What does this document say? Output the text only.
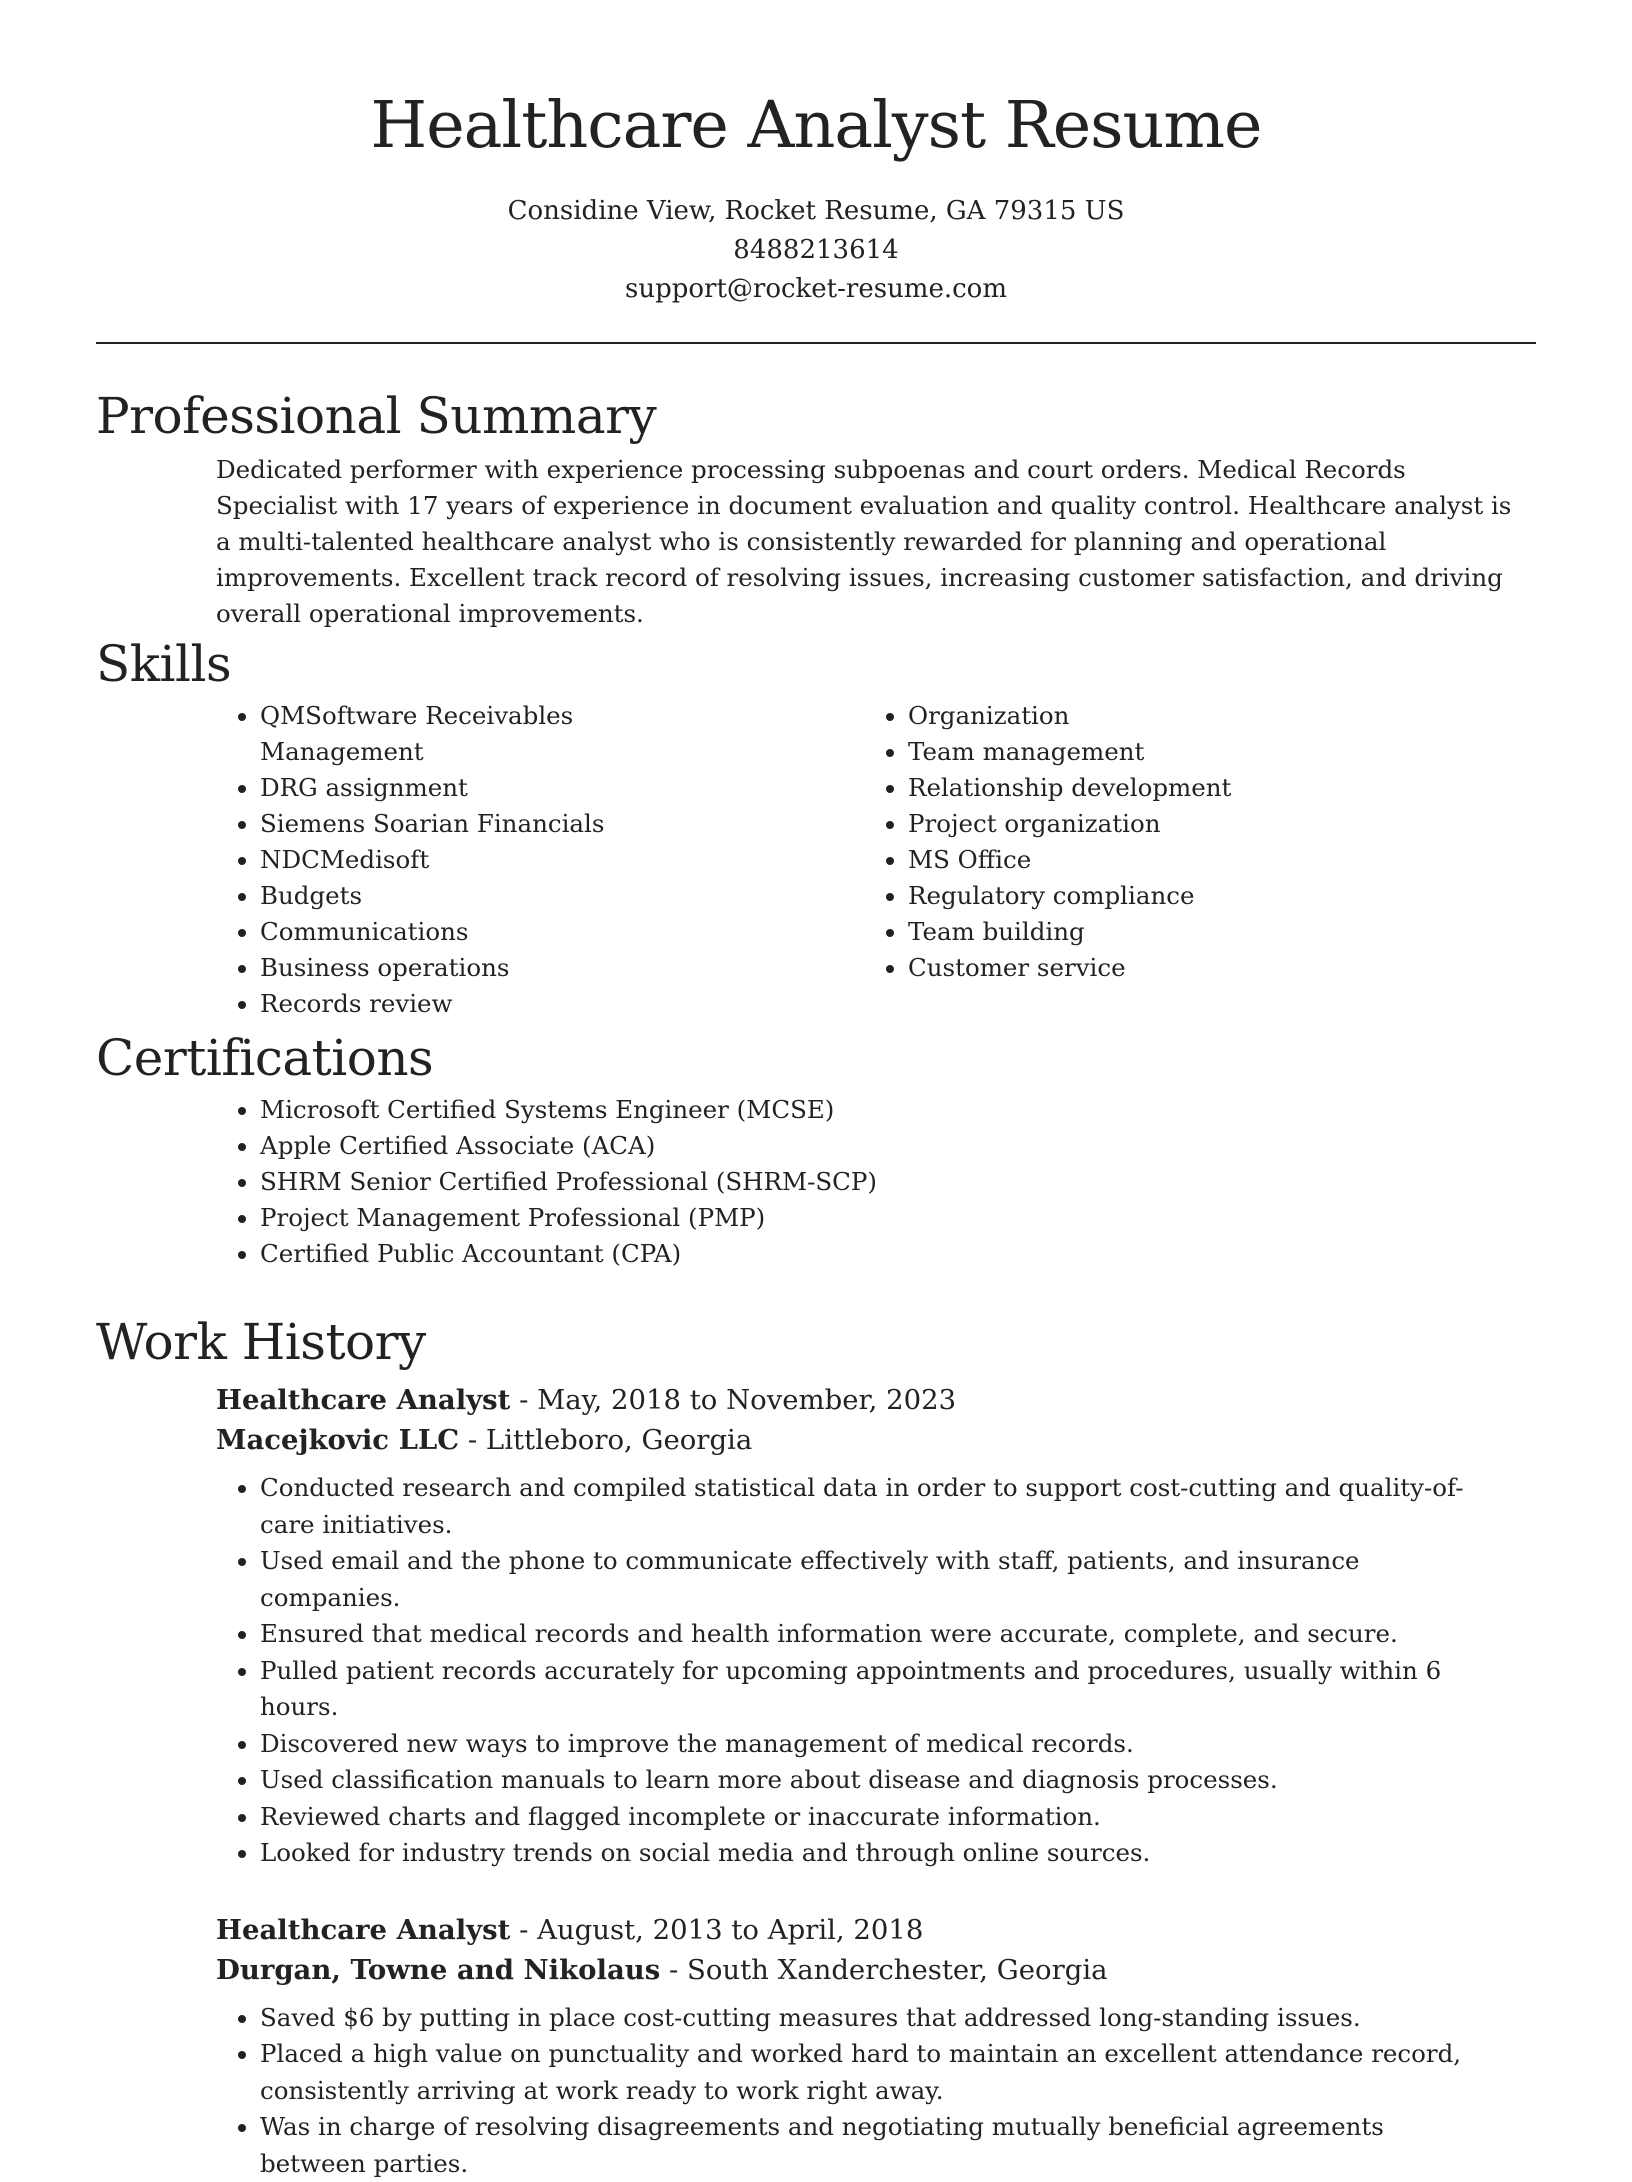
Healthcare Analyst Resume
Considine View, Rocket Resume, GA 79315 US
8488213614
support@rocket-resume.com
Professional Summary

Dedicated performer with experience processing subpoenas and court orders. Medical Records Specialist with 17 years of experience in document evaluation and quality control. Healthcare analyst is a multi-talented healthcare analyst who is consistently rewarded for planning and operational improvements. Excellent track record of resolving issues, increasing customer satisfaction, and driving overall operational improvements.

Skills
• QMSoftware Receivables Management
• DRG assignment
• Siemens Soarian Financials
• NDCMedisoft
• Budgets
• Communications
• Business operations
• Records review
• Organization
• Team management
• Relationship development
• Project organization
• MS Office
• Regulatory compliance
• Team building
• Customer service
Certifications
• Microsoft Certified Systems Engineer (MCSE)
• Apple Certified Associate (ACA)
• SHRM Senior Certified Professional (SHRM-SCP)
• Project Management Professional (PMP)
• Certified Public Accountant (CPA)
Work History
Healthcare Analyst - May, 2018 to November, 2023
Macejkovic LLC - Littleboro, Georgia
• Conducted research and compiled statistical data in order to support cost-cutting and quality-of-care initiatives.
• Used email and the phone to communicate effectively with staff, patients, and insurance companies.
• Ensured that medical records and health information were accurate, complete, and secure.
• Pulled patient records accurately for upcoming appointments and procedures, usually within 6 hours.
• Discovered new ways to improve the management of medical records.
• Used classification manuals to learn more about disease and diagnosis processes.
• Reviewed charts and flagged incomplete or inaccurate information.
• Looked for industry trends on social media and through online sources.
Healthcare Analyst - August, 2013 to April, 2018
Durgan, Towne and Nikolaus - South Xanderchester, Georgia
• Saved $6 by putting in place cost-cutting measures that addressed long-standing issues.
• Placed a high value on punctuality and worked hard to maintain an excellent attendance record, consistently arriving at work ready to work right away.
• Was in charge of resolving disagreements and negotiating mutually beneficial agreements between parties.
